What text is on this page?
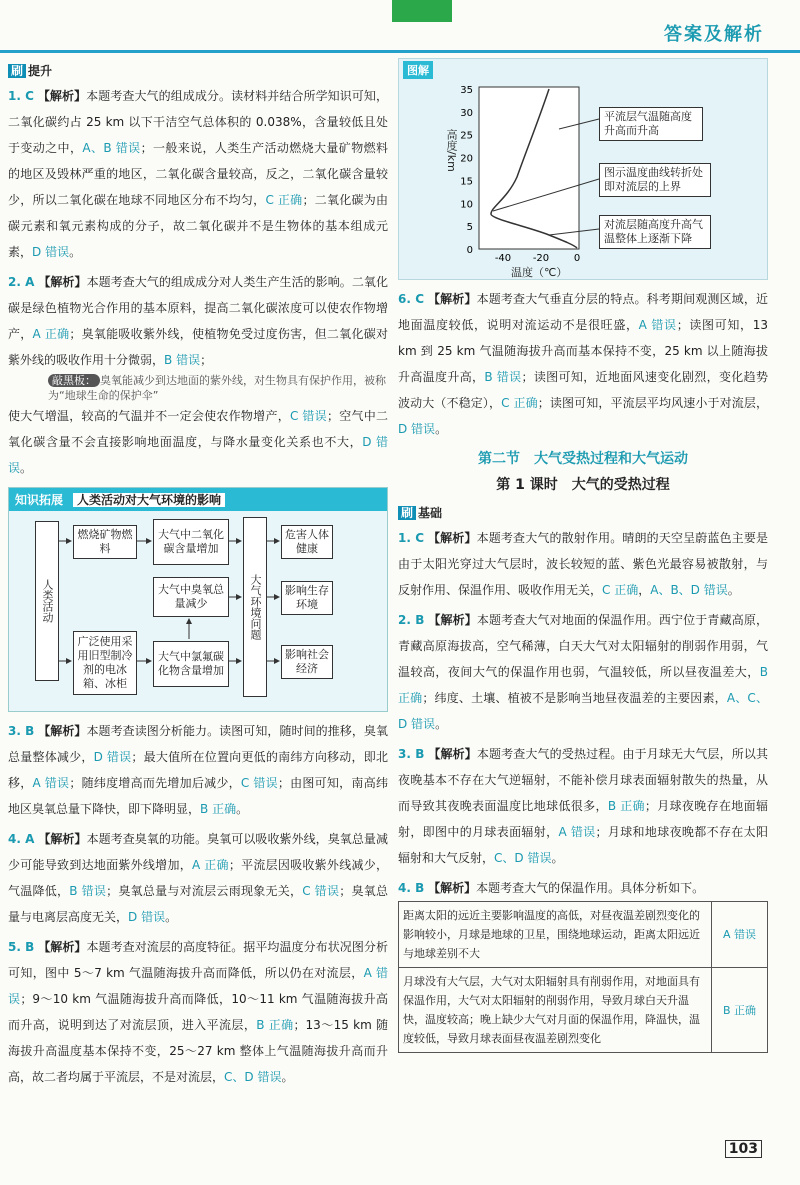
答案及解析
刷 提升

1. C 【解析】本题考查大气的组成成分。读材料并结合所学知识可知，二氧化碳约占 25 km 以下干洁空气总体积的 0.038%，含量较低且处于变动之中，A、B 错误；一般来说，人类生产活动燃烧大量矿物燃料的地区及毁林严重的地区，二氧化碳含量较高，反之，二氧化碳含量较少，所以二氧化碳在地球不同地区分布不均匀，C 正确；二氧化碳为由碳元素和氧元素构成的分子，故二氧化碳并不是生物体的基本组成元素，D 错误。

2. A 【解析】本题考查大气的组成成分对人类生产生活的影响。二氧化碳是绿色植物光合作用的基本原料，提高二氧化碳浓度可以使农作物增产，A 正确；臭氧能吸收紫外线，使植物免受过度伤害，但二氧化碳对紫外线的吸收作用十分微弱，B 错误；

敲黑板： 臭氧能减少到达地面的紫外线，对生物具有保护作用，被称为“地球生命的保护伞”

使大气增温，较高的气温并不一定会使农作物增产，C 错误；空气中二氧化碳含量不会直接影响地面温度，与降水量变化关系也不大，D 错误。

知识拓展 人类活动对大气环境的影响
人类活动
燃烧矿物燃料
大气中二氧化碳含量增加
大气中臭氧总量减少
广泛使用采用旧型制冷剂的电冰箱、冰柜
大气中氯氟碳化物含量增加
大气环境问题
危害人体健康
影响生存环境
影响社会经济

3. B 【解析】本题考查读图分析能力。读图可知，随时间的推移，臭氧总量整体减少，D 错误；最大值所在位置向更低的南纬方向移动，即北移，A 错误；随纬度增高而先增加后减少，C 错误；由图可知，南高纬地区臭氧总量下降快，即下降明显，B 正确。

4. A 【解析】本题考查臭氧的功能。臭氧可以吸收紫外线，臭氧总量减少可能导致到达地面紫外线增加，A 正确；平流层因吸收紫外线减少，气温降低，B 错误；臭氧总量与对流层云雨现象无关，C 错误；臭氧总量与电离层高度无关，D 错误。

5. B 【解析】本题考查对流层的高度特征。据平均温度分布状况图分析可知，图中 5～7 km 气温随海拔升高而降低，所以仍在对流层，A 错误；9～10 km 气温随海拔升高而降低，10～11 km 气温随海拔升高而升高，说明到达了对流层顶，进入平流层，B 正确；13～15 km 随海拔升高温度基本保持不变，25～27 km 整体上气温随海拔升高而升高，故二者均属于平流层，不是对流层，C、D 错误。

图解
35
30
25
20
15
10
5
0
-40 -20 0
高度/km
温度（℃）
平流层气温随高度升高而升高
图示温度曲线转折处即对流层的上界
对流层随高度升高气温整体上逐渐下降

6. C 【解析】本题考查大气垂直分层的特点。科考期间观测区域，近地面温度较低，说明对流运动不是很旺盛，A 错误；读图可知，13 km 到 25 km 气温随海拔升高而基本保持不变，25 km 以上随海拔升高温度升高，B 错误；读图可知，近地面风速变化剧烈，变化趋势波动大（不稳定），C 正确；读图可知，平流层平均风速小于对流层，D 错误。

第二节　大气受热过程和大气运动
第 1 课时　大气的受热过程
刷 基础

1. C 【解析】本题考查大气的散射作用。晴朗的天空呈蔚蓝色主要是由于太阳光穿过大气层时，波长较短的蓝、紫色光最容易被散射，与反射作用、保温作用、吸收作用无关，C 正确，A、B、D 错误。

2. B 【解析】本题考查大气对地面的保温作用。西宁位于青藏高原，青藏高原海拔高，空气稀薄，白天大气对太阳辐射的削弱作用弱，气温较高，夜间大气的保温作用也弱，气温较低，所以昼夜温差大，B 正确；纬度、土壤、植被不是影响当地昼夜温差的主要因素，A、C、D 错误。

3. B 【解析】本题考查大气的受热过程。由于月球无大气层，所以其夜晚基本不存在大气逆辐射，不能补偿月球表面辐射散失的热量，从而导致其夜晚表面温度比地球低很多，B 正确；月球夜晚存在地面辐射，即图中的月球表面辐射，A 错误；月球和地球夜晚都不存在太阳辐射和大气反射，C、D 错误。

4. B 【解析】本题考查大气的保温作用。具体分析如下。

距离太阳的远近主要影响温度的高低，对昼夜温差剧烈变化的影响较小，月球是地球的卫星，围绕地球运动，距离太阳远近与地球差别不大	A 错误
月球没有大气层，大气对太阳辐射具有削弱作用，对地面具有保温作用，大气对太阳辐射的削弱作用，导致月球白天升温快，温度较高；晚上缺少大气对月面的保温作用，降温快，温度较低，导致月球表面昼夜温差剧烈变化	B 正确
103
